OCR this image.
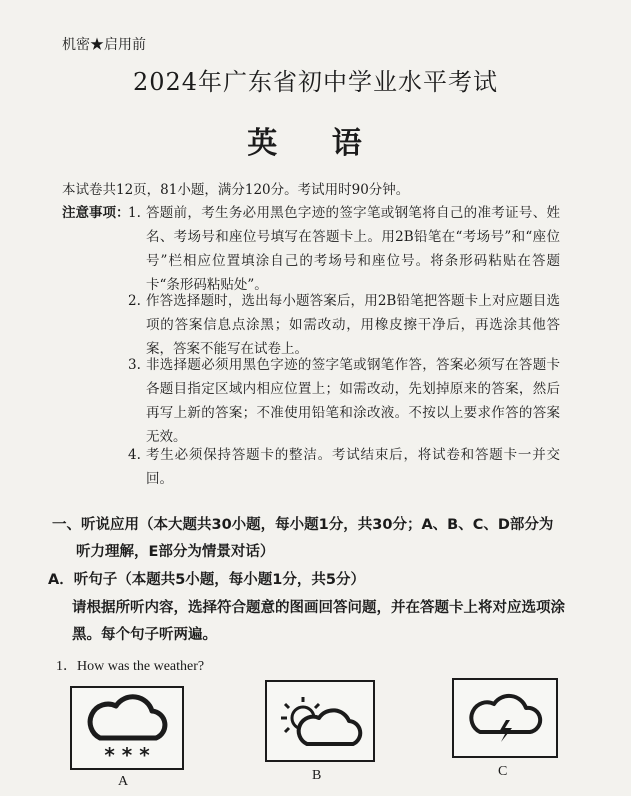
机密★启用前
2024年广东省初中学业水平考试
英 语
本试卷共12页，81小题，满分120分。考试用时90分钟。
注意事项：
1. 答题前，考生务必用黑色字迹的签字笔或钢笔将自己的准考证号、姓名、考场号和座位号填写在答题卡上。用2B铅笔在“考场号”和“座位号”栏相应位置填涂自己的考场号和座位号。将条形码粘贴在答题卡“条形码粘贴处”。
2. 作答选择题时，选出每小题答案后，用2B铅笔把答题卡上对应题目选项的答案信息点涂黑；如需改动，用橡皮擦干净后，再选涂其他答案，答案不能写在试卷上。
3. 非选择题必须用黑色字迹的签字笔或钢笔作答，答案必须写在答题卡各题目指定区域内相应位置上；如需改动，先划掉原来的答案，然后再写上新的答案；不准使用铅笔和涂改液。不按以上要求作答的答案无效。
4. 考生必须保持答题卡的整洁。考试结束后，将试卷和答题卡一并交回。
一、听说应用（本大题共30小题，每小题1分，共30分；A、B、C、D部分为
听力理解，E部分为情景对话）
A．听句子（本题共5小题，每小题1分，共5分）
请根据所听内容，选择符合题意的图画回答问题，并在答题卡上将对应选项涂黑。每个句子听两遍。
1．How was the weather?
* * *
A	B	C
